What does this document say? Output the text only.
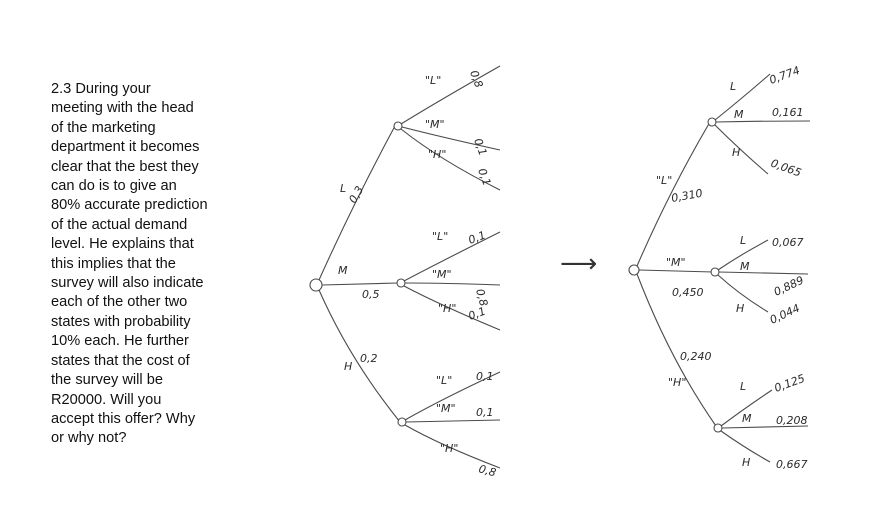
2.3 During your
meeting with the head
of the marketing
department it becomes
clear that the best they
can do is to give an
80% accurate prediction
of the actual demand
level. He explains that
this implies that the
survey will also indicate
each of the other two
states with probability
10% each. He further
states that the cost of
the survey will be
R20000. Will you
accept this offer? Why
or why not?

L 0,3
M
0,5
H
0,2
"L" 0,8
"M"
0,1
"H"
0,1
"L" 0,1
"M"
0,8
"H" 0,1
"L" 0,1
"M" 0,1
"H"
0,8
⟶
"L"
0,310
"M"
0,450
"H"
0,240
L	0,774
M	0,161
H
0,065
L 0,067
M
0,889
H 0,044
L 0,125
M 0,208
H 0,667
